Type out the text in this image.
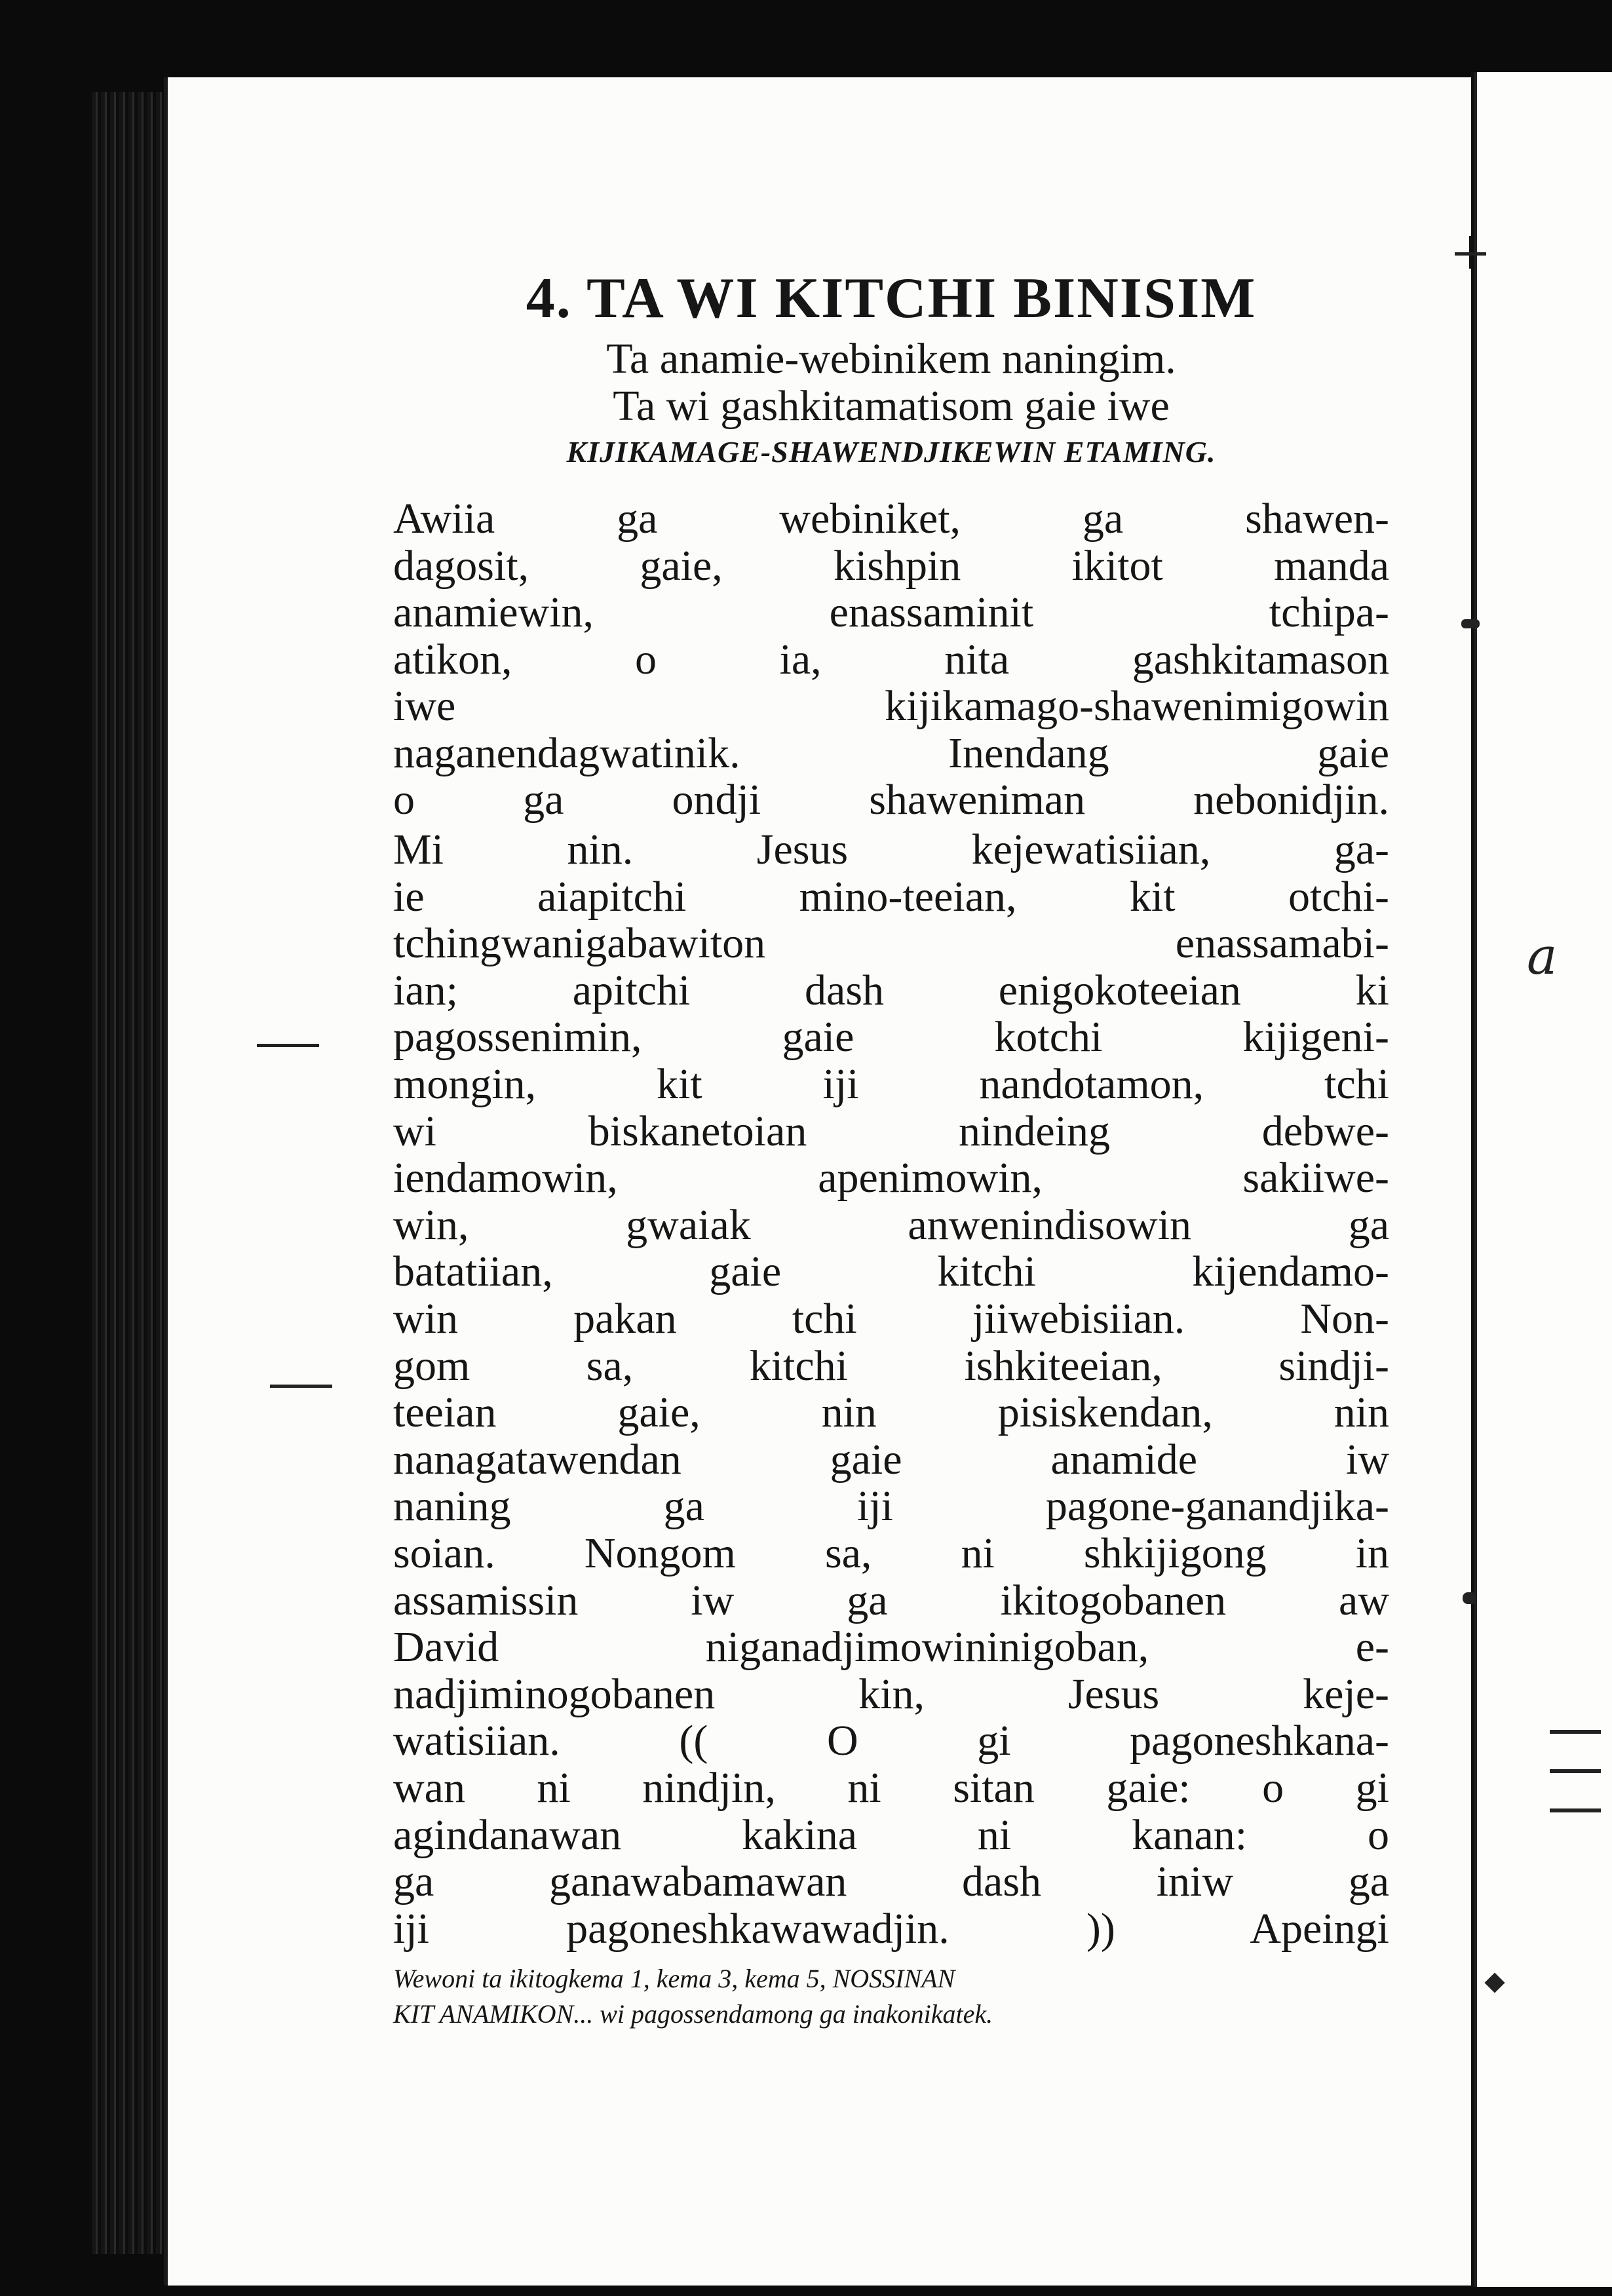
a
4. TA WI KITCHI BINISIM
Ta anamie-webinikem naningim.
Ta wi gashkitamatisom gaie iwe
KIJIKAMAGE-SHAWENDJIKEWIN ETAMING.
Awiia ga webiniket, ga shawen-
dagosit, gaie, kishpin ikitot manda
anamiewin, enassaminit tchipa-
atikon, o ia, nita gashkitamason
iwe kijikamago-shawenimigowin
naganendagwatinik. Inendang gaie
o ga ondji shaweniman nebonidjin.
Mi nin. Jesus kejewatisiian, ga-
ie aiapitchi mino-teeian, kit otchi-
tchingwanigabawiton enassamabi-
ian; apitchi dash enigokoteeian ki
pagossenimin, gaie kotchi kijigeni-
mongin, kit iji nandotamon, tchi
wi biskanetoian nindeing debwe-
iendamowin, apenimowin, sakiiwe-
win, gwaiak anwenindisowin ga
batatiian, gaie kitchi kijendamo-
win pakan tchi jiiwebisiian. Non-
gom sa, kitchi ishkiteeian, sindji-
teeian gaie, nin pisiskendan, nin
nanagatawendan gaie anamide iw
naning ga iji pagone-ganandjika-
soian. Nongom sa, ni shkijigong in
assamissin iw ga ikitogobanen aw
David niganadjimowininigoban, e-
nadjiminogobanen kin, Jesus keje-
watisiian. (( O gi pagoneshkana-
wan ni nindjin, ni sitan gaie: o gi
agindanawan kakina ni kanan: o
ga ganawabamawan dash iniw ga
iji pagoneshkawawadjin. )) Apeingi
Wewoni ta ikitogkema 1, kema 3, kema 5, NOSSINAN
KIT ANAMIKON... wi pagossendamong ga inakonikatek.
